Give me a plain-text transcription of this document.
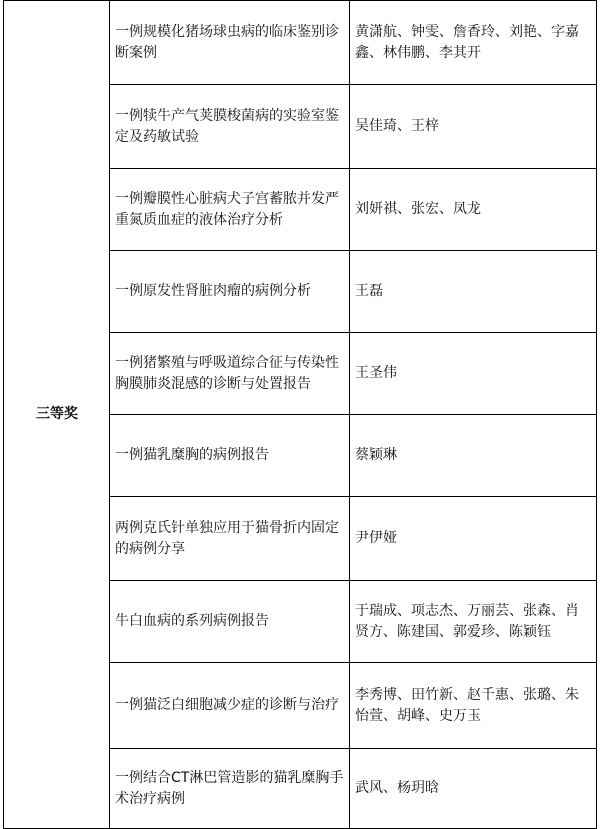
三等奖	一例规模化猪场球虫病的临床鉴别诊断案例	黄潇航、钟雯、詹香玲、刘艳、字嘉鑫、林伟鹏、李其开
	一例犊牛产气荚膜梭菌病的实验室鉴定及药敏试验	吴佳琦、王梓
	一例瓣膜性心脏病犬子宫蓄脓并发严重氮质血症的液体治疗分析	刘妍祺、张宏、凤龙
	一例原发性肾脏肉瘤的病例分析	王磊
	一例猪繁殖与呼吸道综合征与传染性胸膜肺炎混感的诊断与处置报告	王圣伟
	一例猫乳糜胸的病例报告	蔡颖琳
	两例克氏针单独应用于猫骨折内固定的病例分享	尹伊娅
	牛白血病的系列病例报告	于瑞成、项志杰、万丽芸、张森、肖贤方、陈建国、郭爱珍、陈颖钰
	一例猫泛白细胞减少症的诊断与治疗	李秀博、田竹新、赵千惠、张璐、朱怡萱、胡峰、史万玉
	一例结合CT淋巴管造影的猫乳糜胸手术治疗病例	武风、杨玥晗
